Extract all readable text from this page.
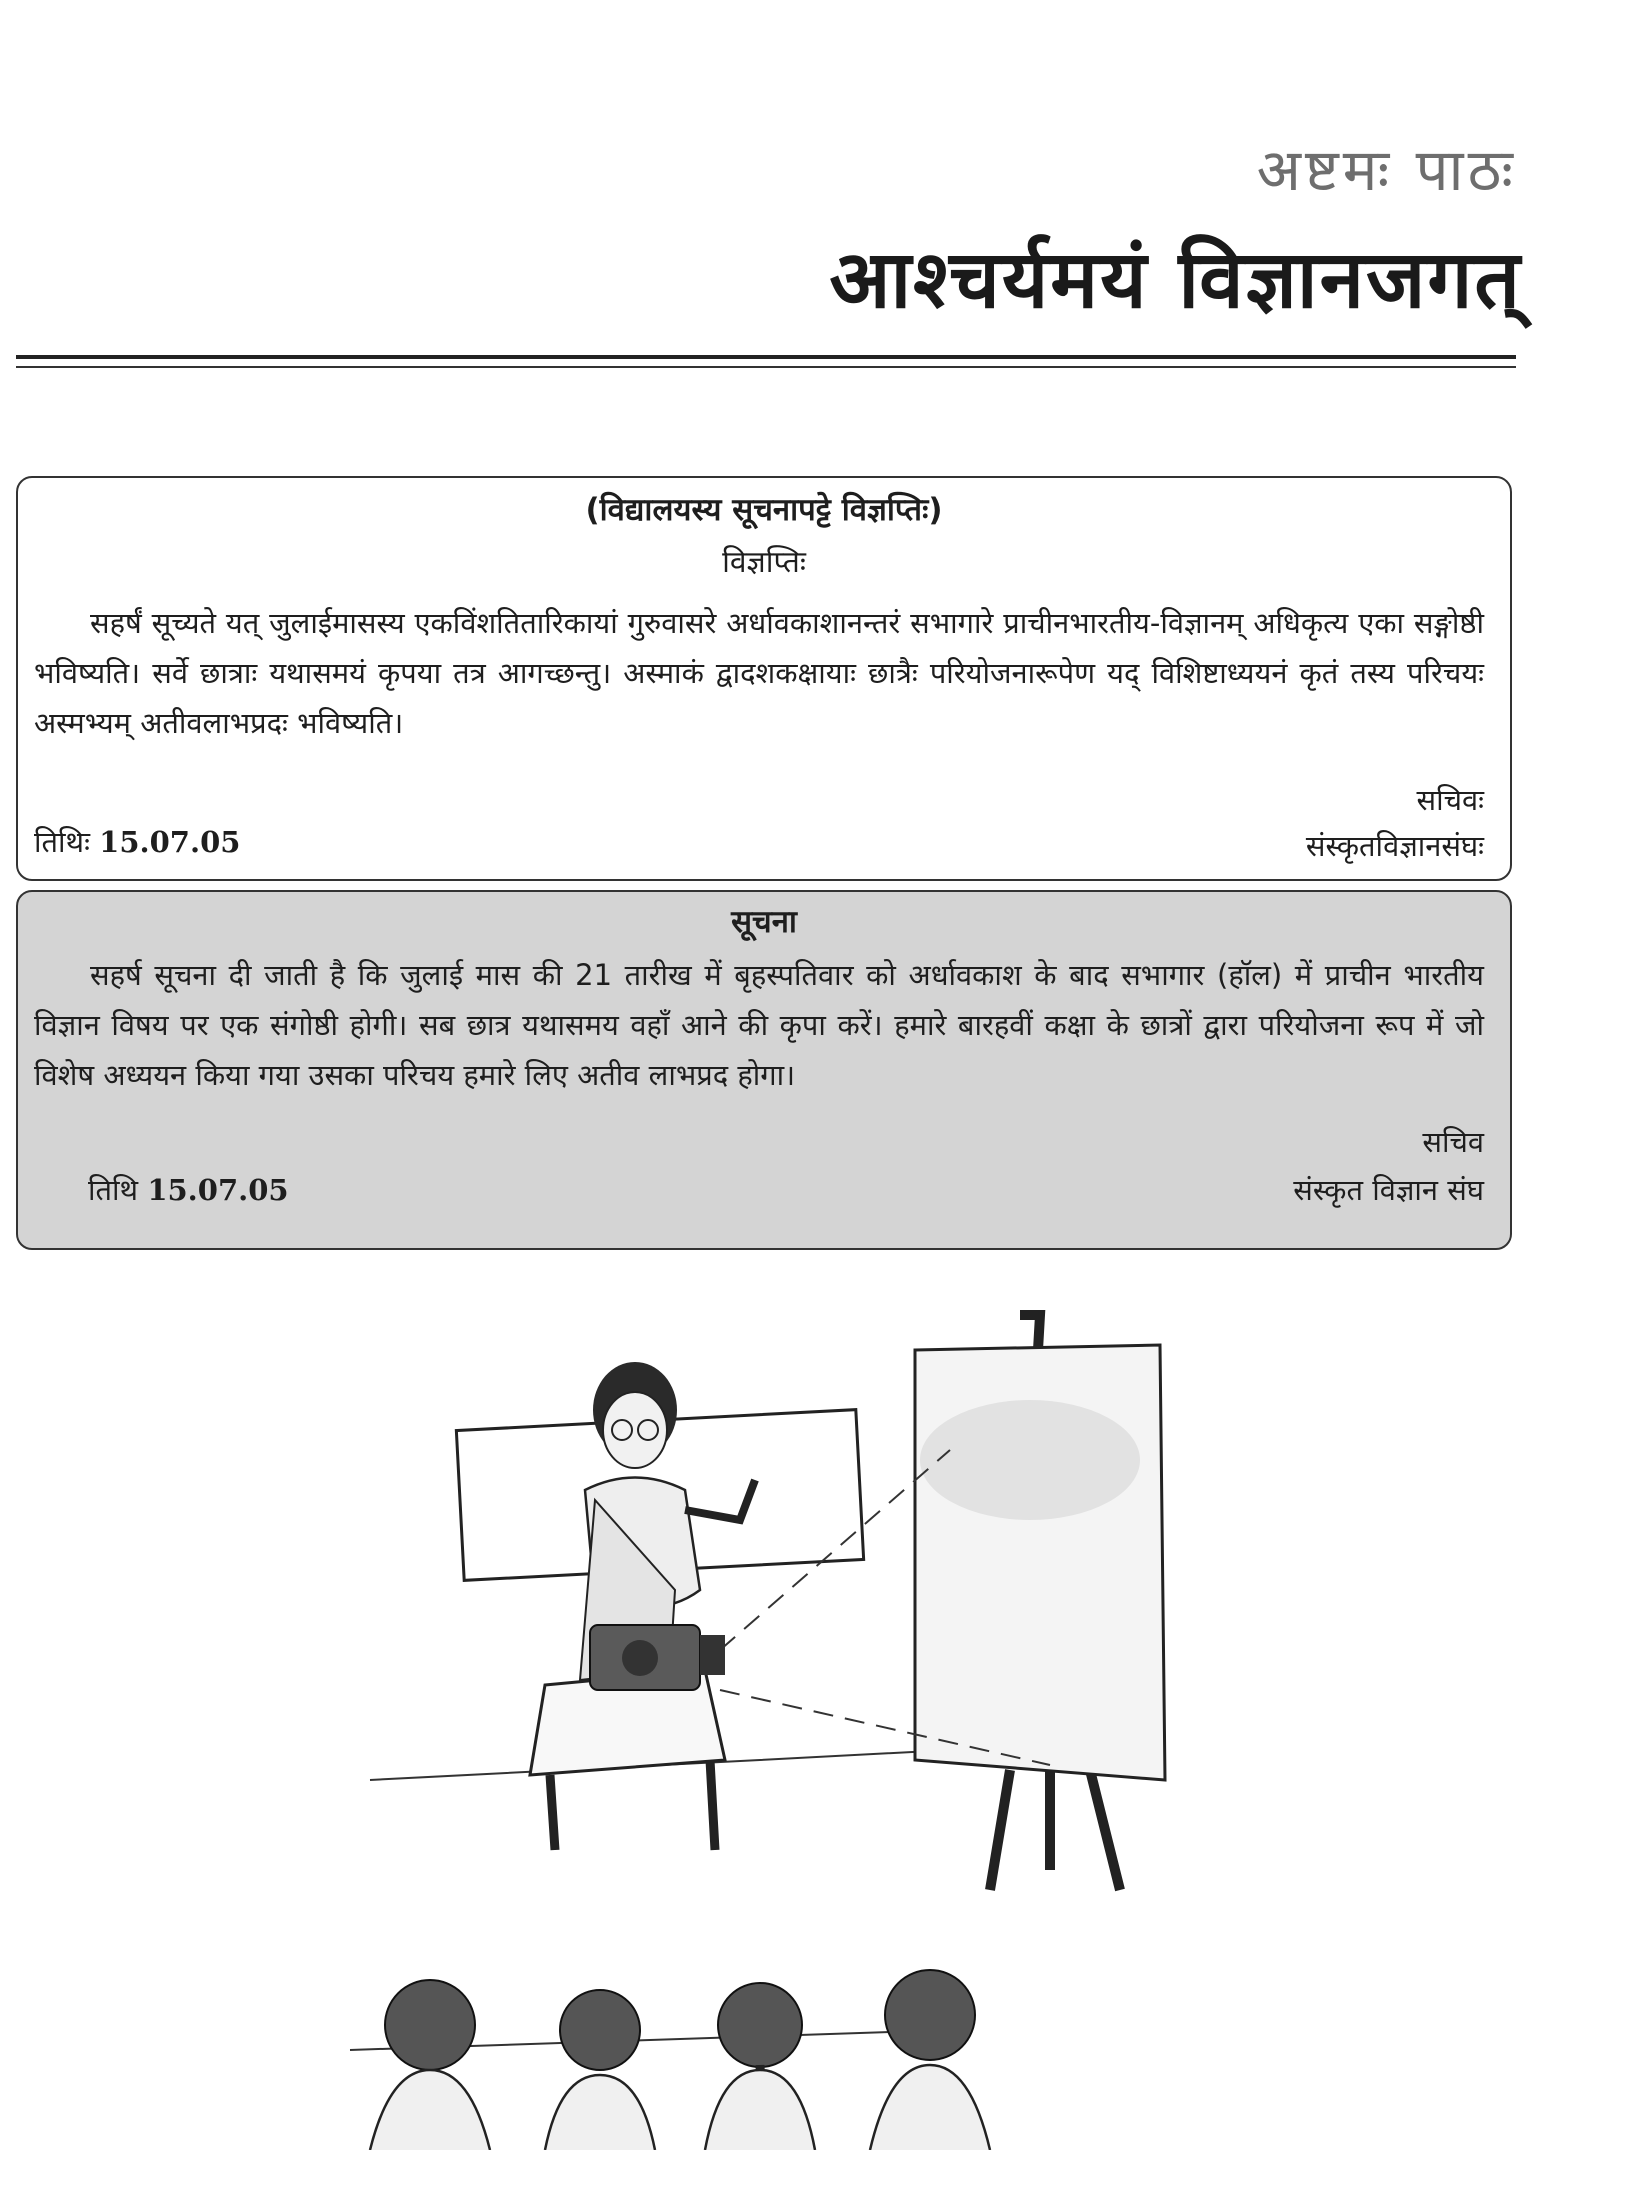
अष्टमः पाठः
आश्चर्यमयं विज्ञानजगत्
(विद्यालयस्य सूचनापट्टे विज्ञप्तिः)
विज्ञप्तिः
सहर्षं सूच्यते यत् जुलाईमासस्य एकविंशतितारिकायां गुरुवासरे अर्धावकाशानन्तरं सभागारे प्राचीनभारतीय-विज्ञानम् अधिकृत्य एका सङ्गोष्ठी भविष्यति। सर्वे छात्राः यथासमयं कृपया तत्र आगच्छन्तु। अस्माकं द्वादशकक्षायाः छात्रैः परियोजनारूपेण यद् विशिष्टाध्ययनं कृतं तस्य परिचयः अस्मभ्यम् अतीवलाभप्रदः भविष्यति।
सचिवः
संस्कृतविज्ञानसंघः
तिथिः 15.07.05
सूचना
सहर्ष सूचना दी जाती है कि जुलाई मास की 21 तारीख में बृहस्पतिवार को अर्धावकाश के बाद सभागार (हॉल) में प्राचीन भारतीय विज्ञान विषय पर एक संगोष्ठी होगी। सब छात्र यथासमय वहाँ आने की कृपा करें। हमारे बारहवीं कक्षा के छात्रों द्वारा परियोजना रूप में जो विशेष अध्ययन किया गया उसका परिचय हमारे लिए अतीव लाभप्रद होगा।
सचिव
संस्कृत विज्ञान संघ
तिथि 15.07.05
